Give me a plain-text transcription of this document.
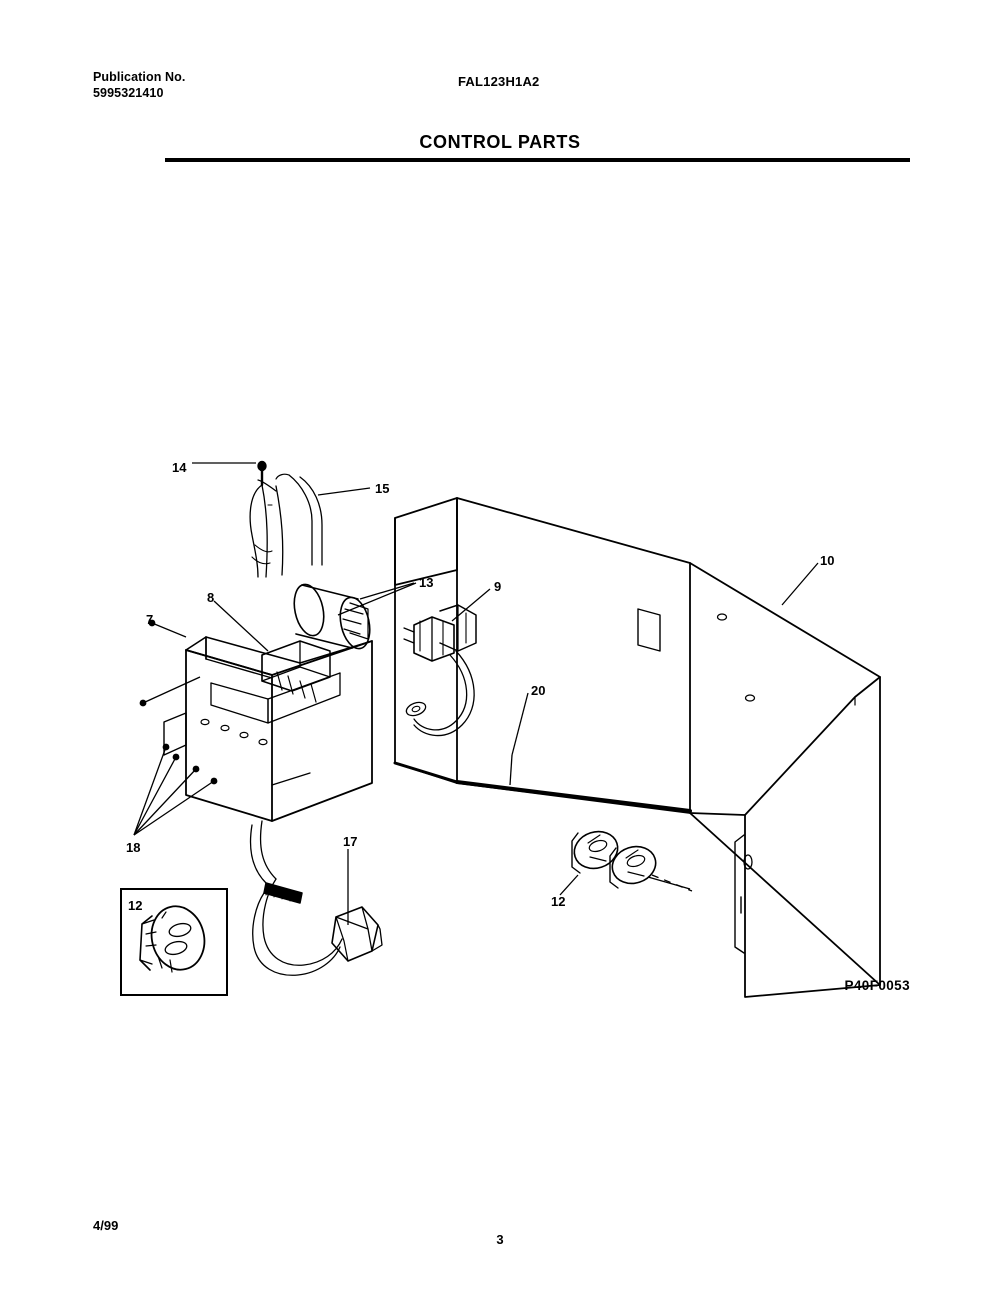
Publication No.
5995321410
FAL123H1A2
CONTROL PARTS
14
15
13	9
10
8
7
20
18	17
12
12
P40F0053
4/99
3
